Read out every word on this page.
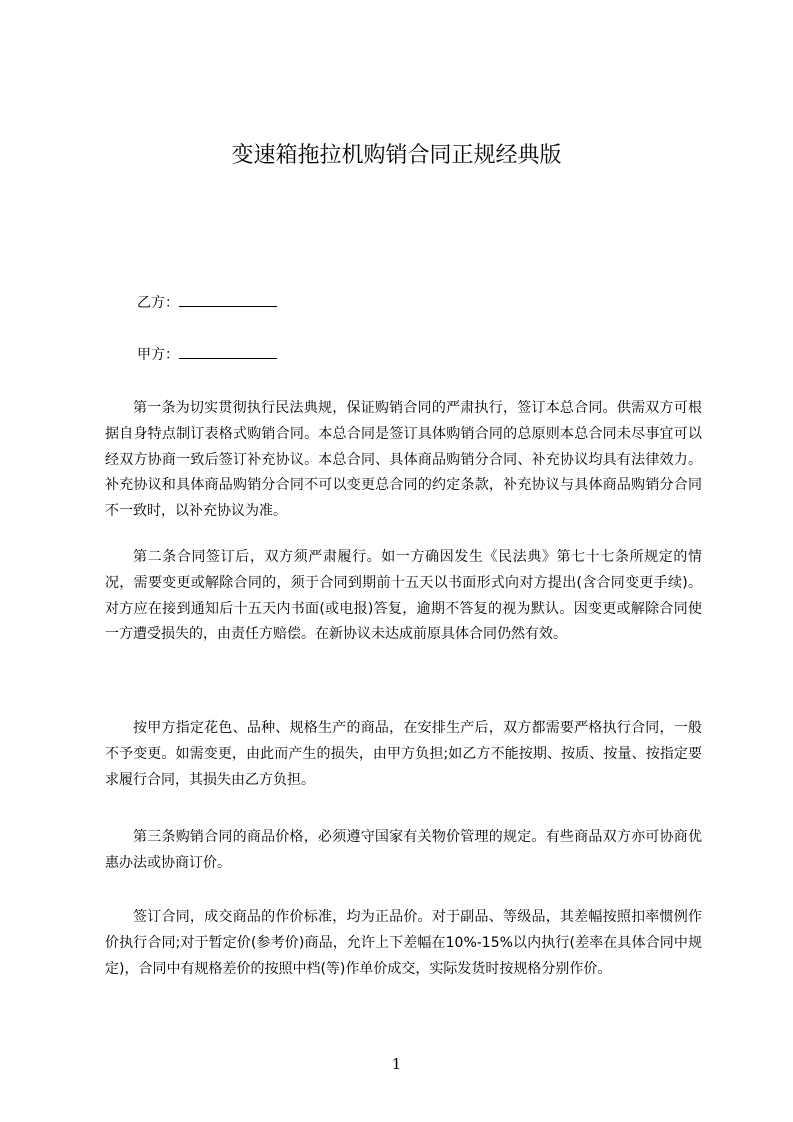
变速箱拖拉机购销合同正规经典版
乙方：
甲方：

第一条为切实贯彻执行民法典规，保证购销合同的严肃执行，签订本总合同。供需双方可根据自身特点制订表格式购销合同。本总合同是签订具体购销合同的总原则本总合同未尽事宜可以经双方协商一致后签订补充协议。本总合同、具体商品购销分合同、补充协议均具有法律效力。补充协议和具体商品购销分合同不可以变更总合同的约定条款，补充协议与具体商品购销分合同不一致时，以补充协议为准。

第二条合同签订后，双方须严肃履行。如一方确因发生《民法典》第七十七条所规定的情况，需要变更或解除合同的，须于合同到期前十五天以书面形式向对方提出(含合同变更手续)。对方应在接到通知后十五天内书面(或电报)答复，逾期不答复的视为默认。因变更或解除合同使一方遭受损失的，由责任方赔偿。在新协议未达成前原具体合同仍然有效。

按甲方指定花色、品种、规格生产的商品，在安排生产后，双方都需要严格执行合同，一般不予变更。如需变更，由此而产生的损失，由甲方负担;如乙方不能按期、按质、按量、按指定要求履行合同，其损失由乙方负担。

第三条购销合同的商品价格，必须遵守国家有关物价管理的规定。有些商品双方亦可协商优惠办法或协商订价。

签订合同，成交商品的作价标准，均为正品价。对于副品、等级品，其差幅按照扣率惯例作价执行合同;对于暂定价(参考价)商品，允许上下差幅在10%-15%以内执行(差率在具体合同中规定)，合同中有规格差价的按照中档(等)作单价成交，实际发货时按规格分别作价。

1
